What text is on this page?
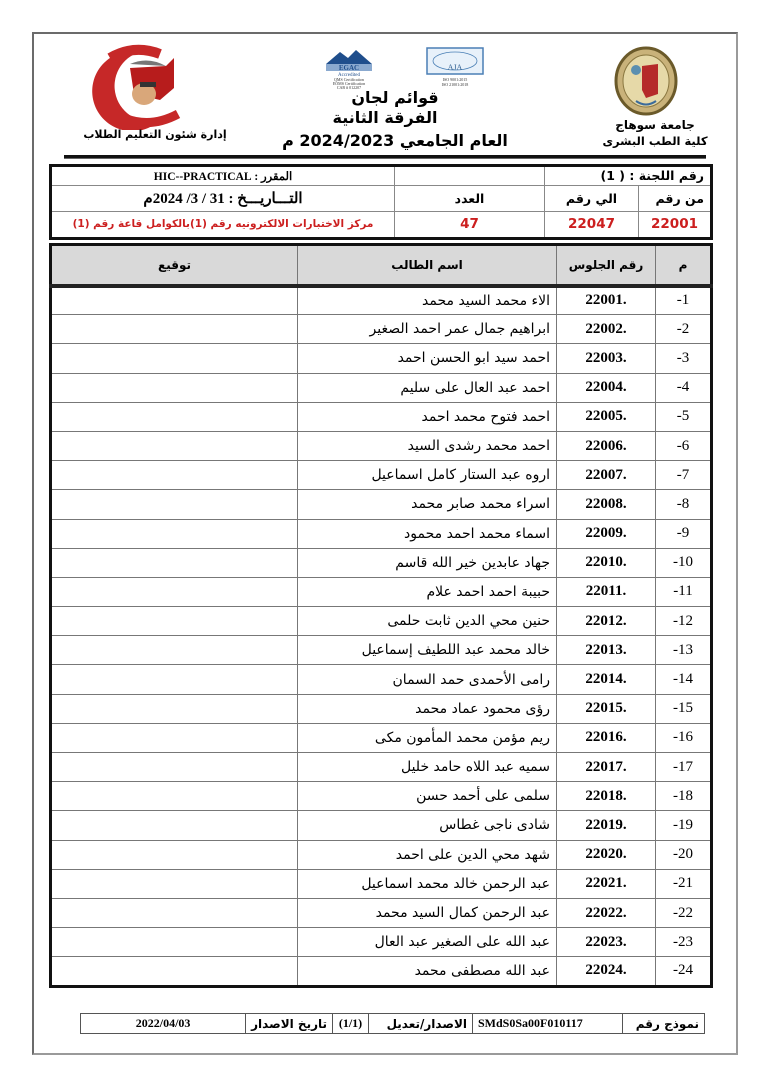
EGAC
Accredited
QMS Certification
EOMS Certification
CAB # 012207
AJA
ISO 9001:2015
ISO 21001:2018
جامعة سوهاج
كلية الطب البشرى
إدارة شئون التعليم الطلاب
قوائم لجان
الفرقة الثانية
العام الجامعي 2024/2023 م
رقم اللجنة : ( 1)			المقرر : HIC--PRACTICAL
من رقم	الي رقم	العدد	التـــاريـــخ : 31 / 3/ 2024م
22001	22047	47	مركز الاختبارات الالكترونيه رقم (1)بالكوامل قاعة رقم (1)
م	رقم الجلوس	اسم الطالب	توقيع
-1	22001.	الاء محمد السيد محمد	
-2	22002.	ابراهيم جمال عمر احمد الصغير	
-3	22003.	احمد سيد ابو الحسن احمد	
-4	22004.	احمد عبد العال على سليم	
-5	22005.	احمد فتوح محمد احمد	
-6	22006.	احمد محمد رشدى السيد	
-7	22007.	اروه عبد الستار كامل اسماعيل	
-8	22008.	اسراء محمد صابر محمد	
-9	22009.	اسماء محمد احمد محمود	
-10	22010.	جهاد عابدين خير الله قاسم	
-11	22011.	حبيبة احمد احمد علام	
-12	22012.	حنين محي الدين ثابت حلمى	
-13	22013.	خالد محمد عبد اللطيف إسماعيل	
-14	22014.	رامى الأحمدى حمد السمان	
-15	22015.	رؤى محمود عماد محمد	
-16	22016.	ريم مؤمن محمد المأمون مكى	
-17	22017.	سميه عبد اللاه حامد خليل	
-18	22018.	سلمى على أحمد حسن	
-19	22019.	شادى ناجى غطاس	
-20	22020.	شهد محي الدين على احمد	
-21	22021.	عبد الرحمن خالد محمد اسماعيل	
-22	22022.	عبد الرحمن كمال السيد محمد	
-23	22023.	عبد الله على الصغير عبد العال	
-24	22024.	عبد الله مصطفى محمد	
نموذج رقم	SMdS0Sa00F010117	الاصدار/تعديل	(1/1)	تاريخ الاصدار	2022/04/03
